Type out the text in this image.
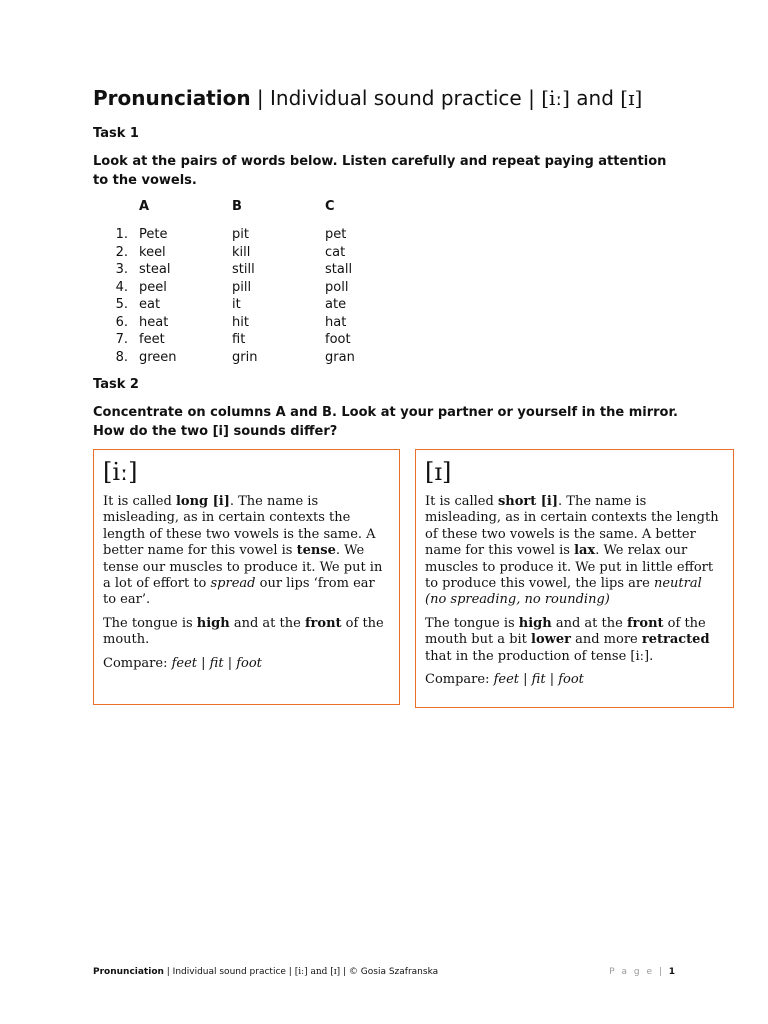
Pronunciation | Individual sound practice | [iː] and [ɪ]

Task 1

Look at the pairs of words below. Listen carefully and repeat paying attention to the vowels.

A	B	C
1. Pete	pit	pet
2. keel	kill	cat
3. steal	still	stall
4. peel	pill	poll
5. eat	it	ate
6. heat	hit	hat
7. feet	fit	foot
8. green	grin	gran

Task 2

Concentrate on columns A and B. Look at your partner or yourself in the mirror. How do the two [i] sounds differ?

[iː]

It is called long [i]. The name is misleading, as in certain contexts the length of these two vowels is the same. A better name for this vowel is tense. We tense our muscles to produce it. We put in a lot of effort to spread our lips ‘from ear to ear’.

The tongue is high and at the front of the mouth.

Compare: feet | fit | foot

[ɪ]

It is called short [i]. The name is misleading, as in certain contexts the length of these two vowels is the same. A better name for this vowel is lax. We relax our muscles to produce it. We put in little effort to produce this vowel, the lips are neutral (no spreading, no rounding)

The tongue is high and at the front of the mouth but a bit lower and more retracted that in the production of tense [iː].

Compare: feet | fit | foot

Pronunciation | Individual sound practice | [iː] and [ɪ] | © Gosia Szafranska	P a g e | 1
